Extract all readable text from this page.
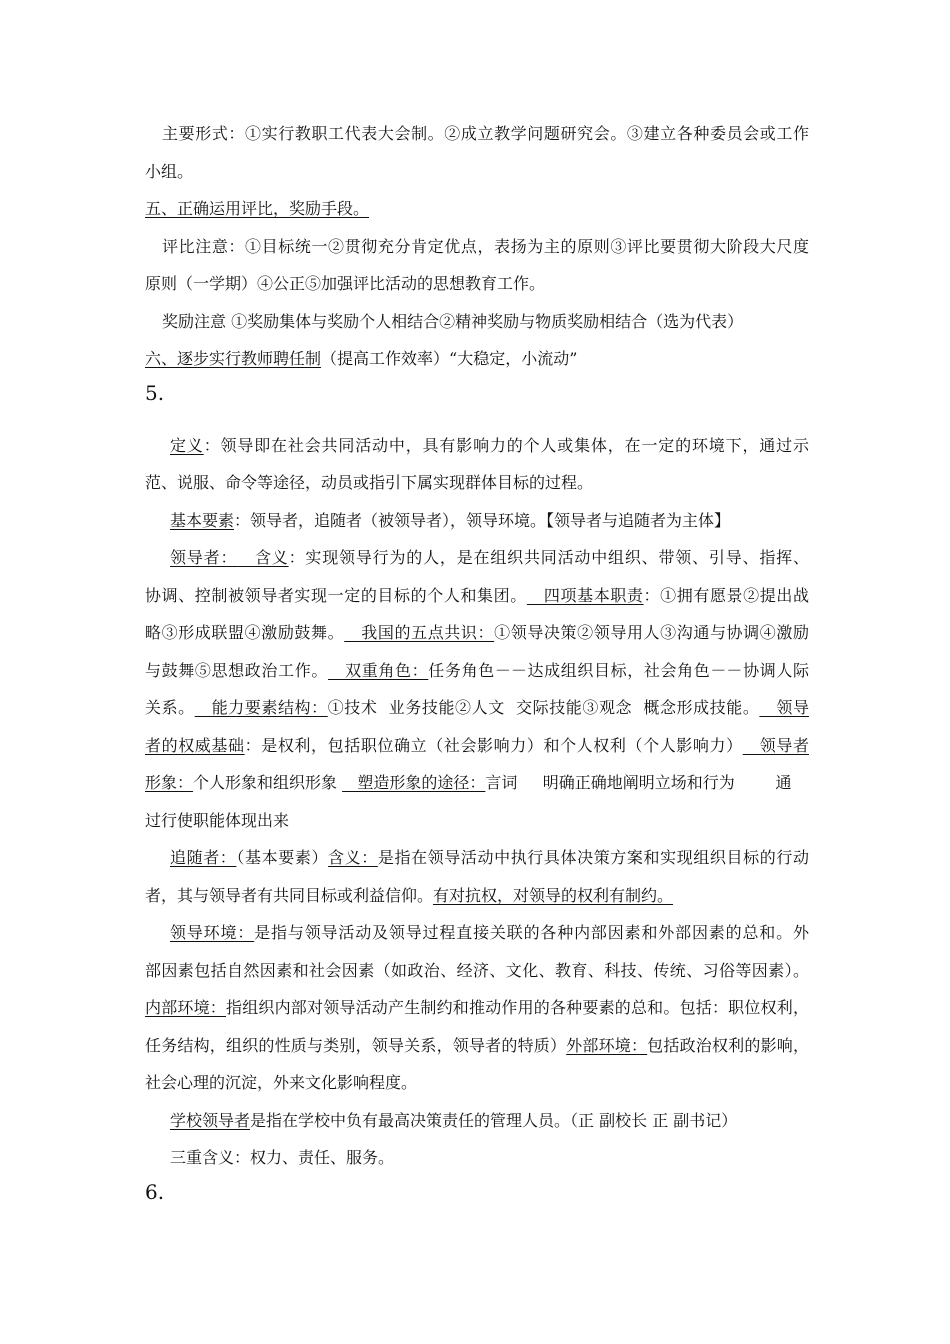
主要形式：①实行教职工代表大会制。②成立教学问题研究会。③建立各种委员会或工作
小组。
五、正确运用评比，奖励手段。
评比注意：①目标统一②贯彻充分肯定优点，表扬为主的原则③评比要贯彻大阶段大尺度
原则（一学期）④公正⑤加强评比活动的思想教育工作。
奖励注意 ①奖励集体与奖励个人相结合②精神奖励与物质奖励相结合（选为代表）
六、逐步实行教师聘任制（提高工作效率）“大稳定，小流动”
5.
定义：领导即在社会共同活动中，具有影响力的个人或集体，在一定的环境下，通过示
范、说服、命令等途径，动员或指引下属实现群体目标的过程。
基本要素：领导者，追随者（被领导者），领导环境。【领导者与追随者为主体】
领导者：   含义：实现领导行为的人，是在组织共同活动中组织、带领、引导、指挥、
协调、控制被领导者实现一定的目标的个人和集团。   四项基本职责：①拥有愿景②提出战
略③形成联盟④激励鼓舞。   我国的五点共识：①领导决策②领导用人③沟通与协调④激励
与鼓舞⑤思想政治工作。   双重角色：任务角色－－达成组织目标，社会角色－－协调人际
关系。   能力要素结构：①技术  业务技能②人文  交际技能③观念  概念形成技能。   领导
者的权威基础：是权利，包括职位确立（社会影响力）和个人权利（个人影响力）   领导者
形象：个人形象和组织形象    塑造形象的途径：言词     明确正确地阐明立场和行为        通
过行使职能体现出来
追随者：（基本要素）含义：是指在领导活动中执行具体决策方案和实现组织目标的行动
者，其与领导者有共同目标或利益信仰。有对抗权，对领导的权利有制约。
领导环境：是指与领导活动及领导过程直接关联的各种内部因素和外部因素的总和。外
部因素包括自然因素和社会因素（如政治、经济、文化、教育、科技、传统、习俗等因素）。
内部环境：指组织内部对领导活动产生制约和推动作用的各种要素的总和。包括：职位权利，
任务结构，组织的性质与类别，领导关系，领导者的特质）外部环境：包括政治权利的影响，
社会心理的沉淀，外来文化影响程度。
学校领导者是指在学校中负有最高决策责任的管理人员。（正 副校长 正 副书记）
三重含义：权力、责任、服务。
6.
